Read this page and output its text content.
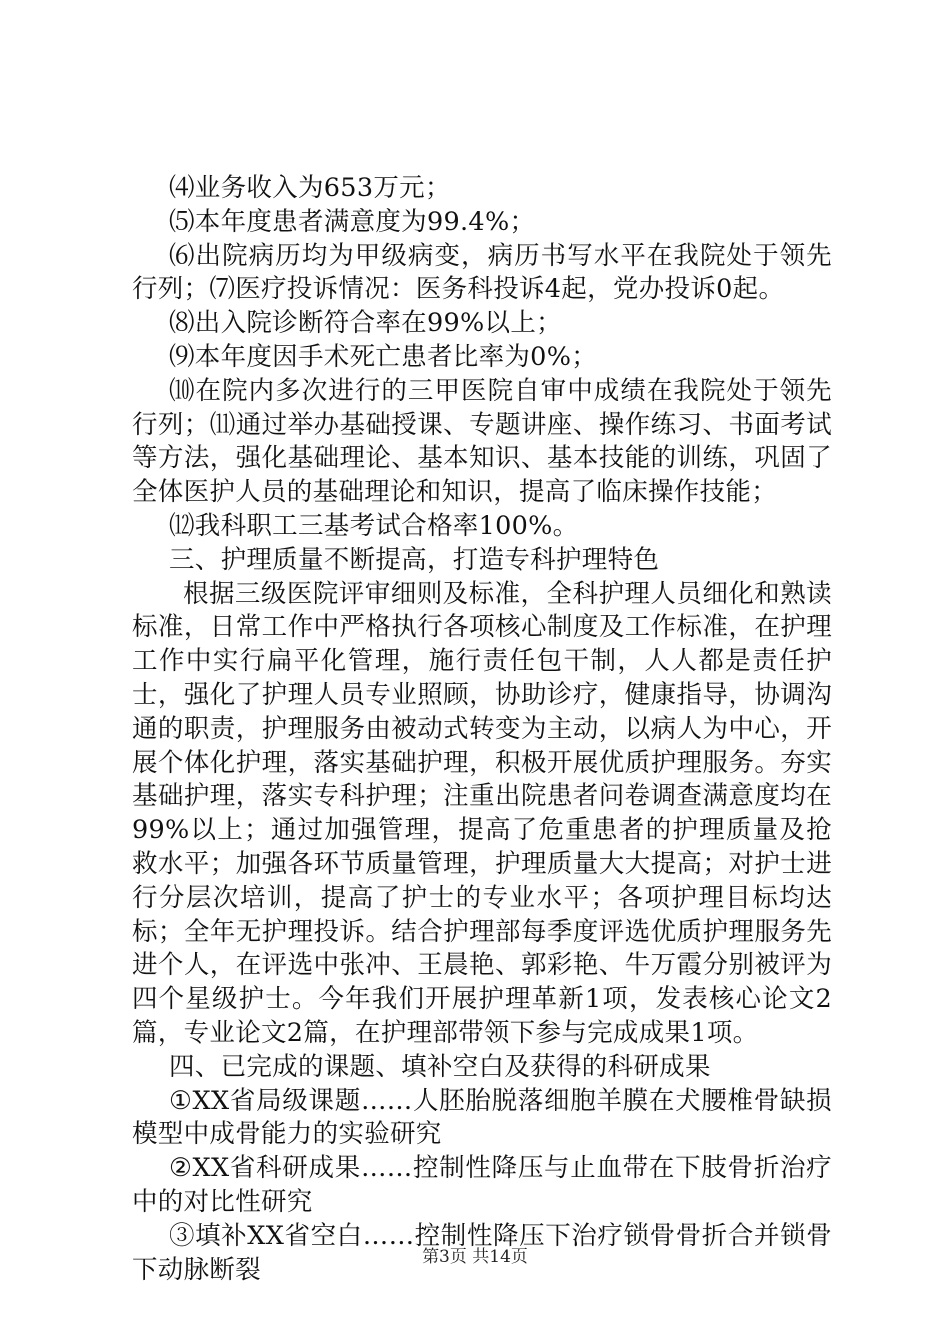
⑷业务收入为653万元；

⑸本年度患者满意度为99.4%；

⑹出院病历均为甲级病变，病历书写水平在我院处于领先行列；⑺医疗投诉情况：医务科投诉4起，党办投诉0起。

⑻出入院诊断符合率在99%以上；

⑼本年度因手术死亡患者比率为0%；

⑽在院内多次进行的三甲医院自审中成绩在我院处于领先行列；⑾通过举办基础授课、专题讲座、操作练习、书面考试等方法，强化基础理论、基本知识、基本技能的训练，巩固了全体医护人员的基础理论和知识，提高了临床操作技能；

⑿我科职工三基考试合格率100%。

三、护理质量不断提高，打造专科护理特色

根据三级医院评审细则及标准，全科护理人员细化和熟读标准，日常工作中严格执行各项核心制度及工作标准，在护理工作中实行扁平化管理，施行责任包干制，人人都是责任护士，强化了护理人员专业照顾，协助诊疗，健康指导，协调沟通的职责，护理服务由被动式转变为主动，以病人为中心，开展个体化护理，落实基础护理，积极开展优质护理服务。夯实基础护理，落实专科护理；注重出院患者问卷调查满意度均在99%以上；通过加强管理，提高了危重患者的护理质量及抢救水平；加强各环节质量管理，护理质量大大提高；对护士进行分层次培训，提高了护士的专业水平；各项护理目标均达标；全年无护理投诉。结合护理部每季度评选优质护理服务先进个人，在评选中张冲、王晨艳、郭彩艳、牛万霞分别被评为四个星级护士。今年我们开展护理革新1项，发表核心论文2篇，专业论文2篇，在护理部带领下参与完成成果1项。

四、已完成的课题、填补空白及获得的科研成果

①XX省局级课题……人胚胎脱落细胞羊膜在犬腰椎骨缺损模型中成骨能力的实验研究

②XX省科研成果……控制性降压与止血带在下肢骨折治疗中的对比性研究

③填补XX省空白……控制性降压下治疗锁骨骨折合并锁骨下动脉断裂	第3页 共14页
